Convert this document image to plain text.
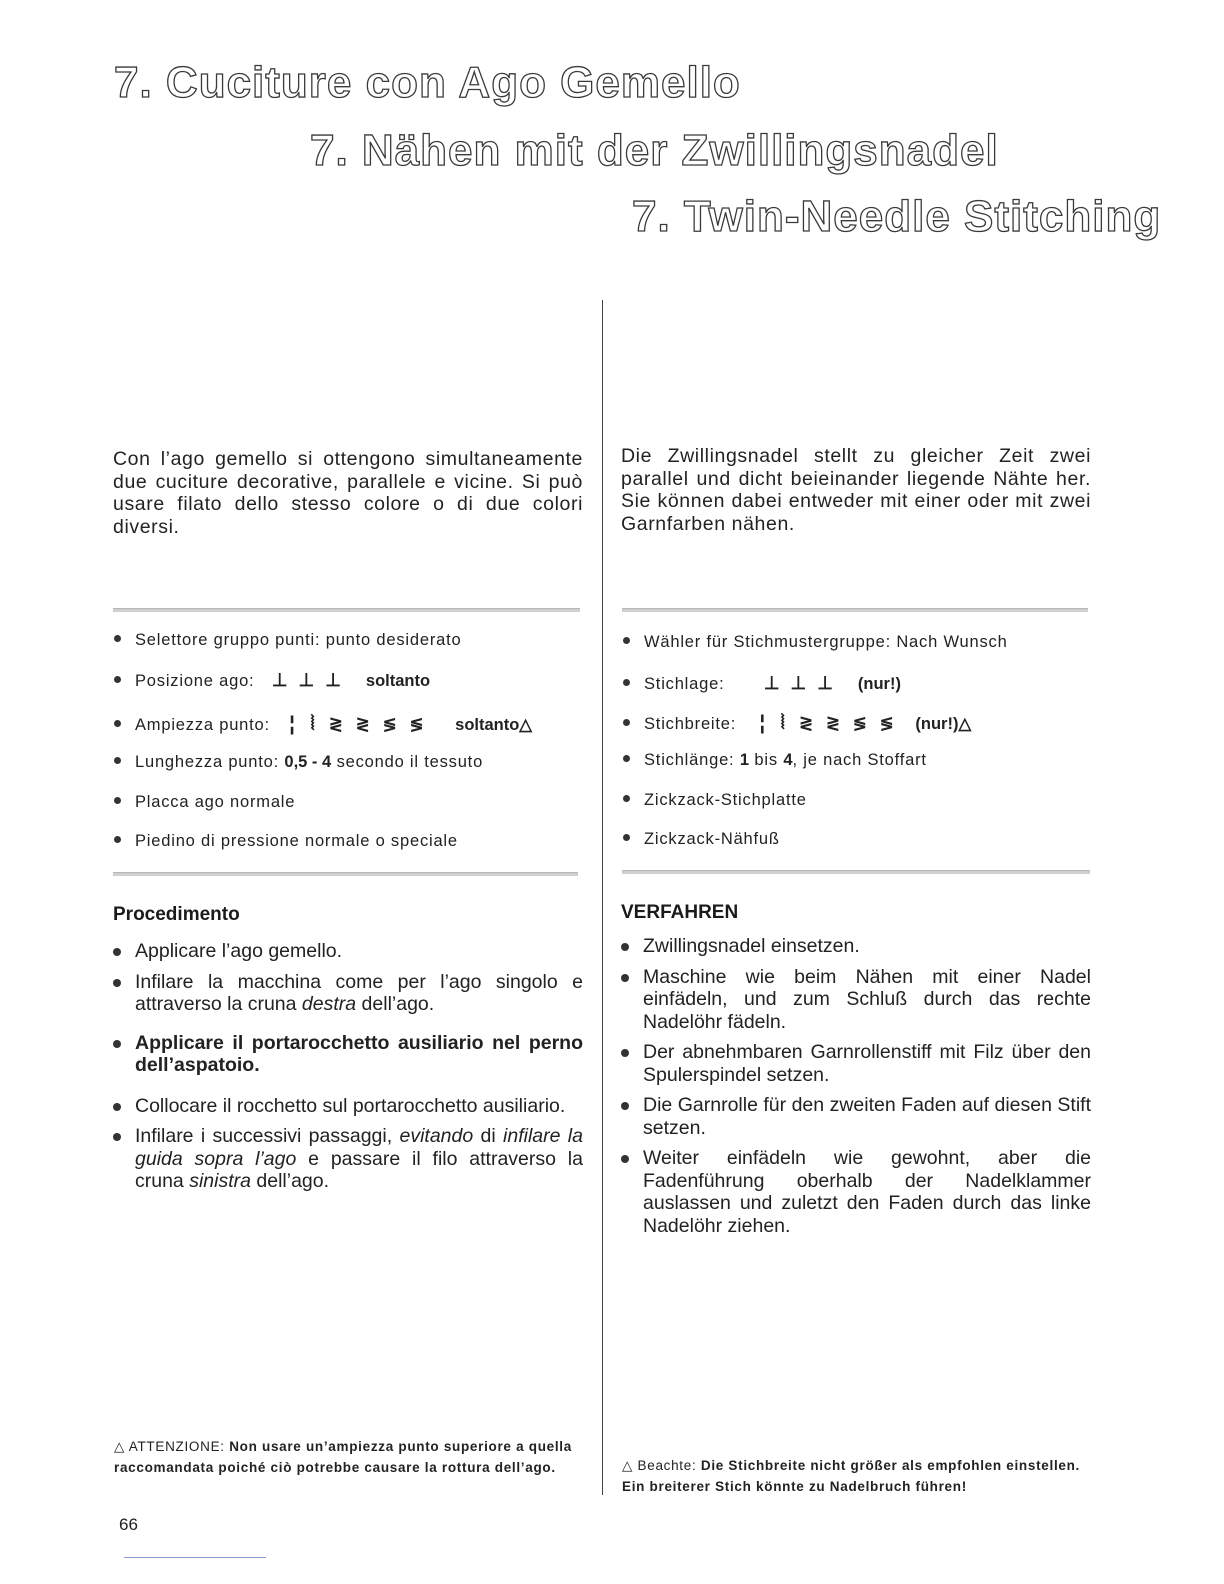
7. Cuciture con Ago Gemello
7. Nähen mit der Zwillingsnadel
7. Twin-Needle Stitching
Con l’ago gemello si ottengono simultaneamente due cuciture decorative, parallele e vicine. Si può usare filato dello stesso colore o di due colori diversi.
Die Zwillingsnadel stellt zu gleicher Zeit zwei parallel und dicht beieinander liegende Nähte her. Sie können dabei entweder mit einer oder mit zwei Garnfarben nähen.
Selettore gruppo punti: punto desiderato
Posizione ago: ⊥ ⊥ ⊥ soltanto
Ampiezza punto: ¦ ⦚ ≷ ≷ ≶ ≶ soltanto△
Lunghezza punto: 0,5 - 4 secondo il tessuto
Placca ago normale
Piedino di pressione normale o speciale
Wähler für Stichmustergruppe: Nach Wunsch
Stichlage: ⊥ ⊥ ⊥ (nur!)
Stichbreite: ¦ ⦚ ≷ ≷ ≶ ≶ (nur!)△
Stichlänge: 1 bis 4, je nach Stoffart
Zickzack-Stichplatte
Zickzack-Nähfuß
Procedimento	VERFAHREN
Applicare l’ago gemello.
Infilare la macchina come per l’ago singolo e attraverso la cruna destra dell’ago.
Applicare il portarocchetto ausiliario nel perno dell’aspatoio.
Collocare il rocchetto sul portarocchetto ausiliario.
Infilare i successivi passaggi, evitando di infilare la guida sopra l’ago e passare il filo attraverso la cruna sinistra dell’ago.
Zwillingsnadel einsetzen.
Maschine wie beim Nähen mit einer Nadel einfädeln, und zum Schluß durch das rechte Nadelöhr fädeln.
Der abnehmbaren Garnrollenstiff mit Filz über den Spulerspindel setzen.
Die Garnrolle für den zweiten Faden auf diesen Stift setzen.
Weiter einfädeln wie gewohnt, aber die Fadenführung oberhalb der Nadelklammer auslassen und zuletzt den Faden durch das linke Nadelöhr ziehen.
△ ATTENZIONE: Non usare un’ampiezza punto superiore a quella raccomandata poiché ciò potrebbe causare la rottura dell’ago.	△ Beachte: Die Stichbreite nicht größer als empfohlen einstellen. Ein breiterer Stich könnte zu Nadelbruch führen!
66
